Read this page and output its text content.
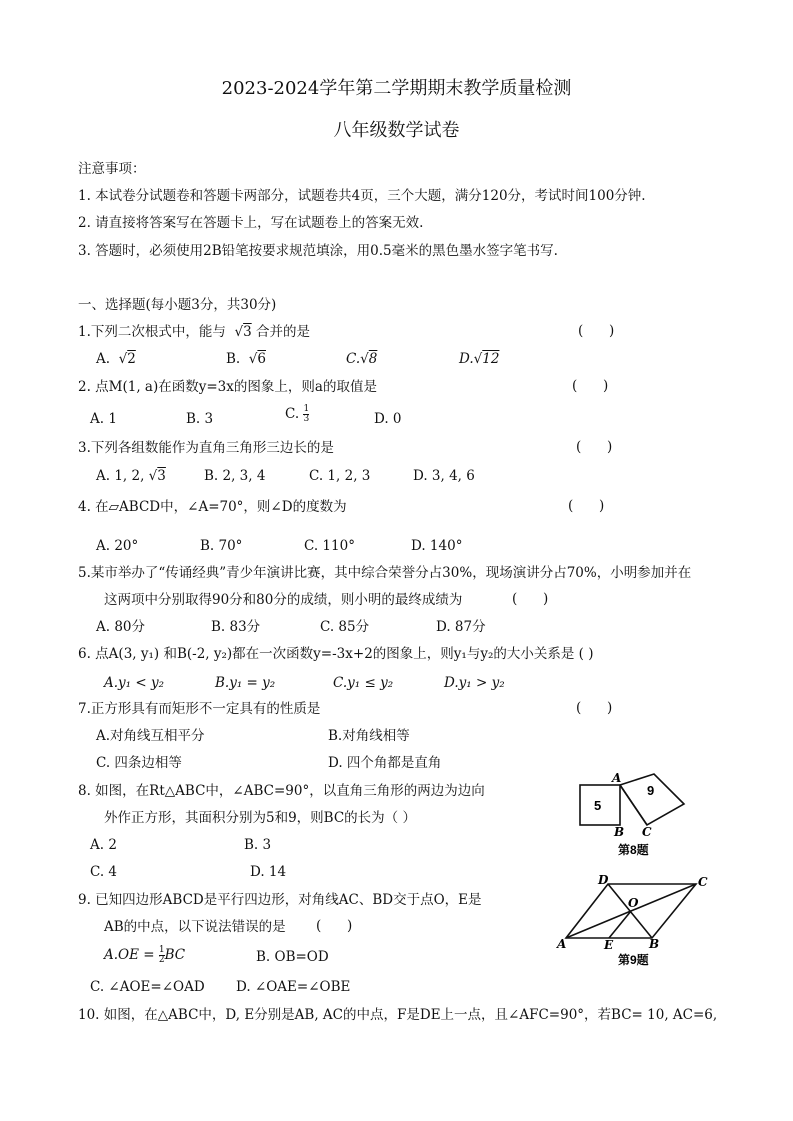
2023-2024学年第二学期期末教学质量检测
八年级数学试卷
注意事项：
1. 本试卷分试题卷和答题卡两部分，试题卷共4页，三个大题，满分120分，考试时间100分钟.
2. 请直接将答案写在答题卡上，写在试题卷上的答案无效.
3. 答题时，必须使用2B铅笔按要求规范填涂，用0.5毫米的黑色墨水签字笔书写.
一、选择题(每小题3分，共30分)
1.下列二次根式中，能与  √3 合并的是	(      )
A.  √2	B.  √6	C.√8	D.√12
2. 点M(1, a)在函数y=3x的图象上，则a的取值是	(      )
A. 1	B. 3	C. $\frac{1}{3}$	D. 0
3.下列各组数能作为直角三角形三边长的是	(      )
A. 1, 2, √3	B. 2, 3, 4	C. 1, 2, 3	D. 3, 4, 6
4. 在▱ABCD中，∠A=70°，则∠D的度数为	(      )
A. 20°	B. 70°	C. 110°	D. 140°
5.某市举办了“传诵经典”青少年演讲比赛，其中综合荣誉分占30%，现场演讲分占70%，小明参加并在
这两项中分别取得90分和80分的成绩，则小明的最终成绩为	(      )
A. 80分	B. 83分	C. 85分	D. 87分
6. 点A(3, y₁) 和B(-2, y₂)都在一次函数y=-3x+2的图象上，则y₁与y₂的大小关系是 ( )
A.y₁ < y₂	B.y₁ = y₂	C.y₁ ≤ y₂	D.y₁ > y₂
7.正方形具有而矩形不一定具有的性质是	(      )
A.对角线互相平分	B.对角线相等
C. 四条边相等	D. 四个角都是直角
8. 如图，在Rt△ABC中，∠ABC=90°，以直角三角形的两边为边向
外作正方形，其面积分别为5和9，则BC的长为（ ）
A. 2	B. 3
C. 4	D. 14
5
9
A
B C
第8题
9. 已知四边形ABCD是平行四边形，对角线AC、BD交于点O，E是
AB的中点，以下说法错误的是 (      )
$A.OE = \frac{1}{2}$ BC	B. OB=OD
C. ∠AOE=∠OAD D. ∠OAE=∠OBE
A	B
C
D
E
O
第9题
10. 如图，在△ABC中，D, E分别是AB, AC的中点，F是DE上一点，且∠AFC=90°，若BC= 10, AC=6,
